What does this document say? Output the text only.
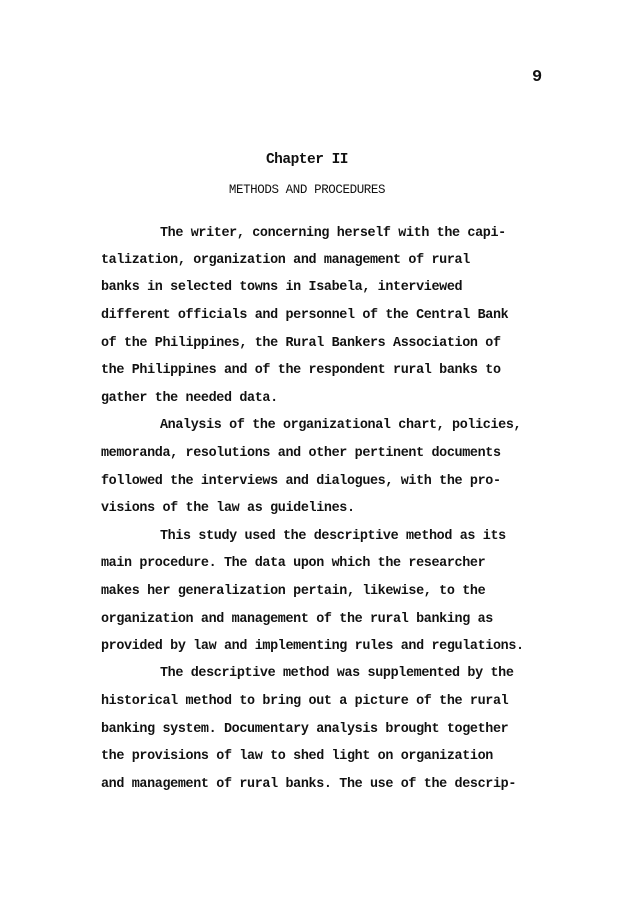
9
Chapter II
METHODS AND PROCEDURES
The writer, concerning herself with the capi-
talization, organization and management of rural
banks in selected towns in Isabela, interviewed
different officials and personnel of the Central Bank
of the Philippines, the Rural Bankers Association of
the Philippines and of the respondent rural banks to
gather the needed data.
Analysis of the organizational chart, policies,
memoranda, resolutions and other pertinent documents
followed the interviews and dialogues, with the pro-
visions of the law as guidelines.
This study used the descriptive method as its
main procedure. The data upon which the researcher
makes her generalization pertain, likewise, to the
organization and management of the rural banking as
provided by law and implementing rules and regulations.
The descriptive method was supplemented by the
historical method to bring out a picture of the rural
banking system. Documentary analysis brought together
the provisions of law to shed light on organization
and management of rural banks. The use of the descrip-
